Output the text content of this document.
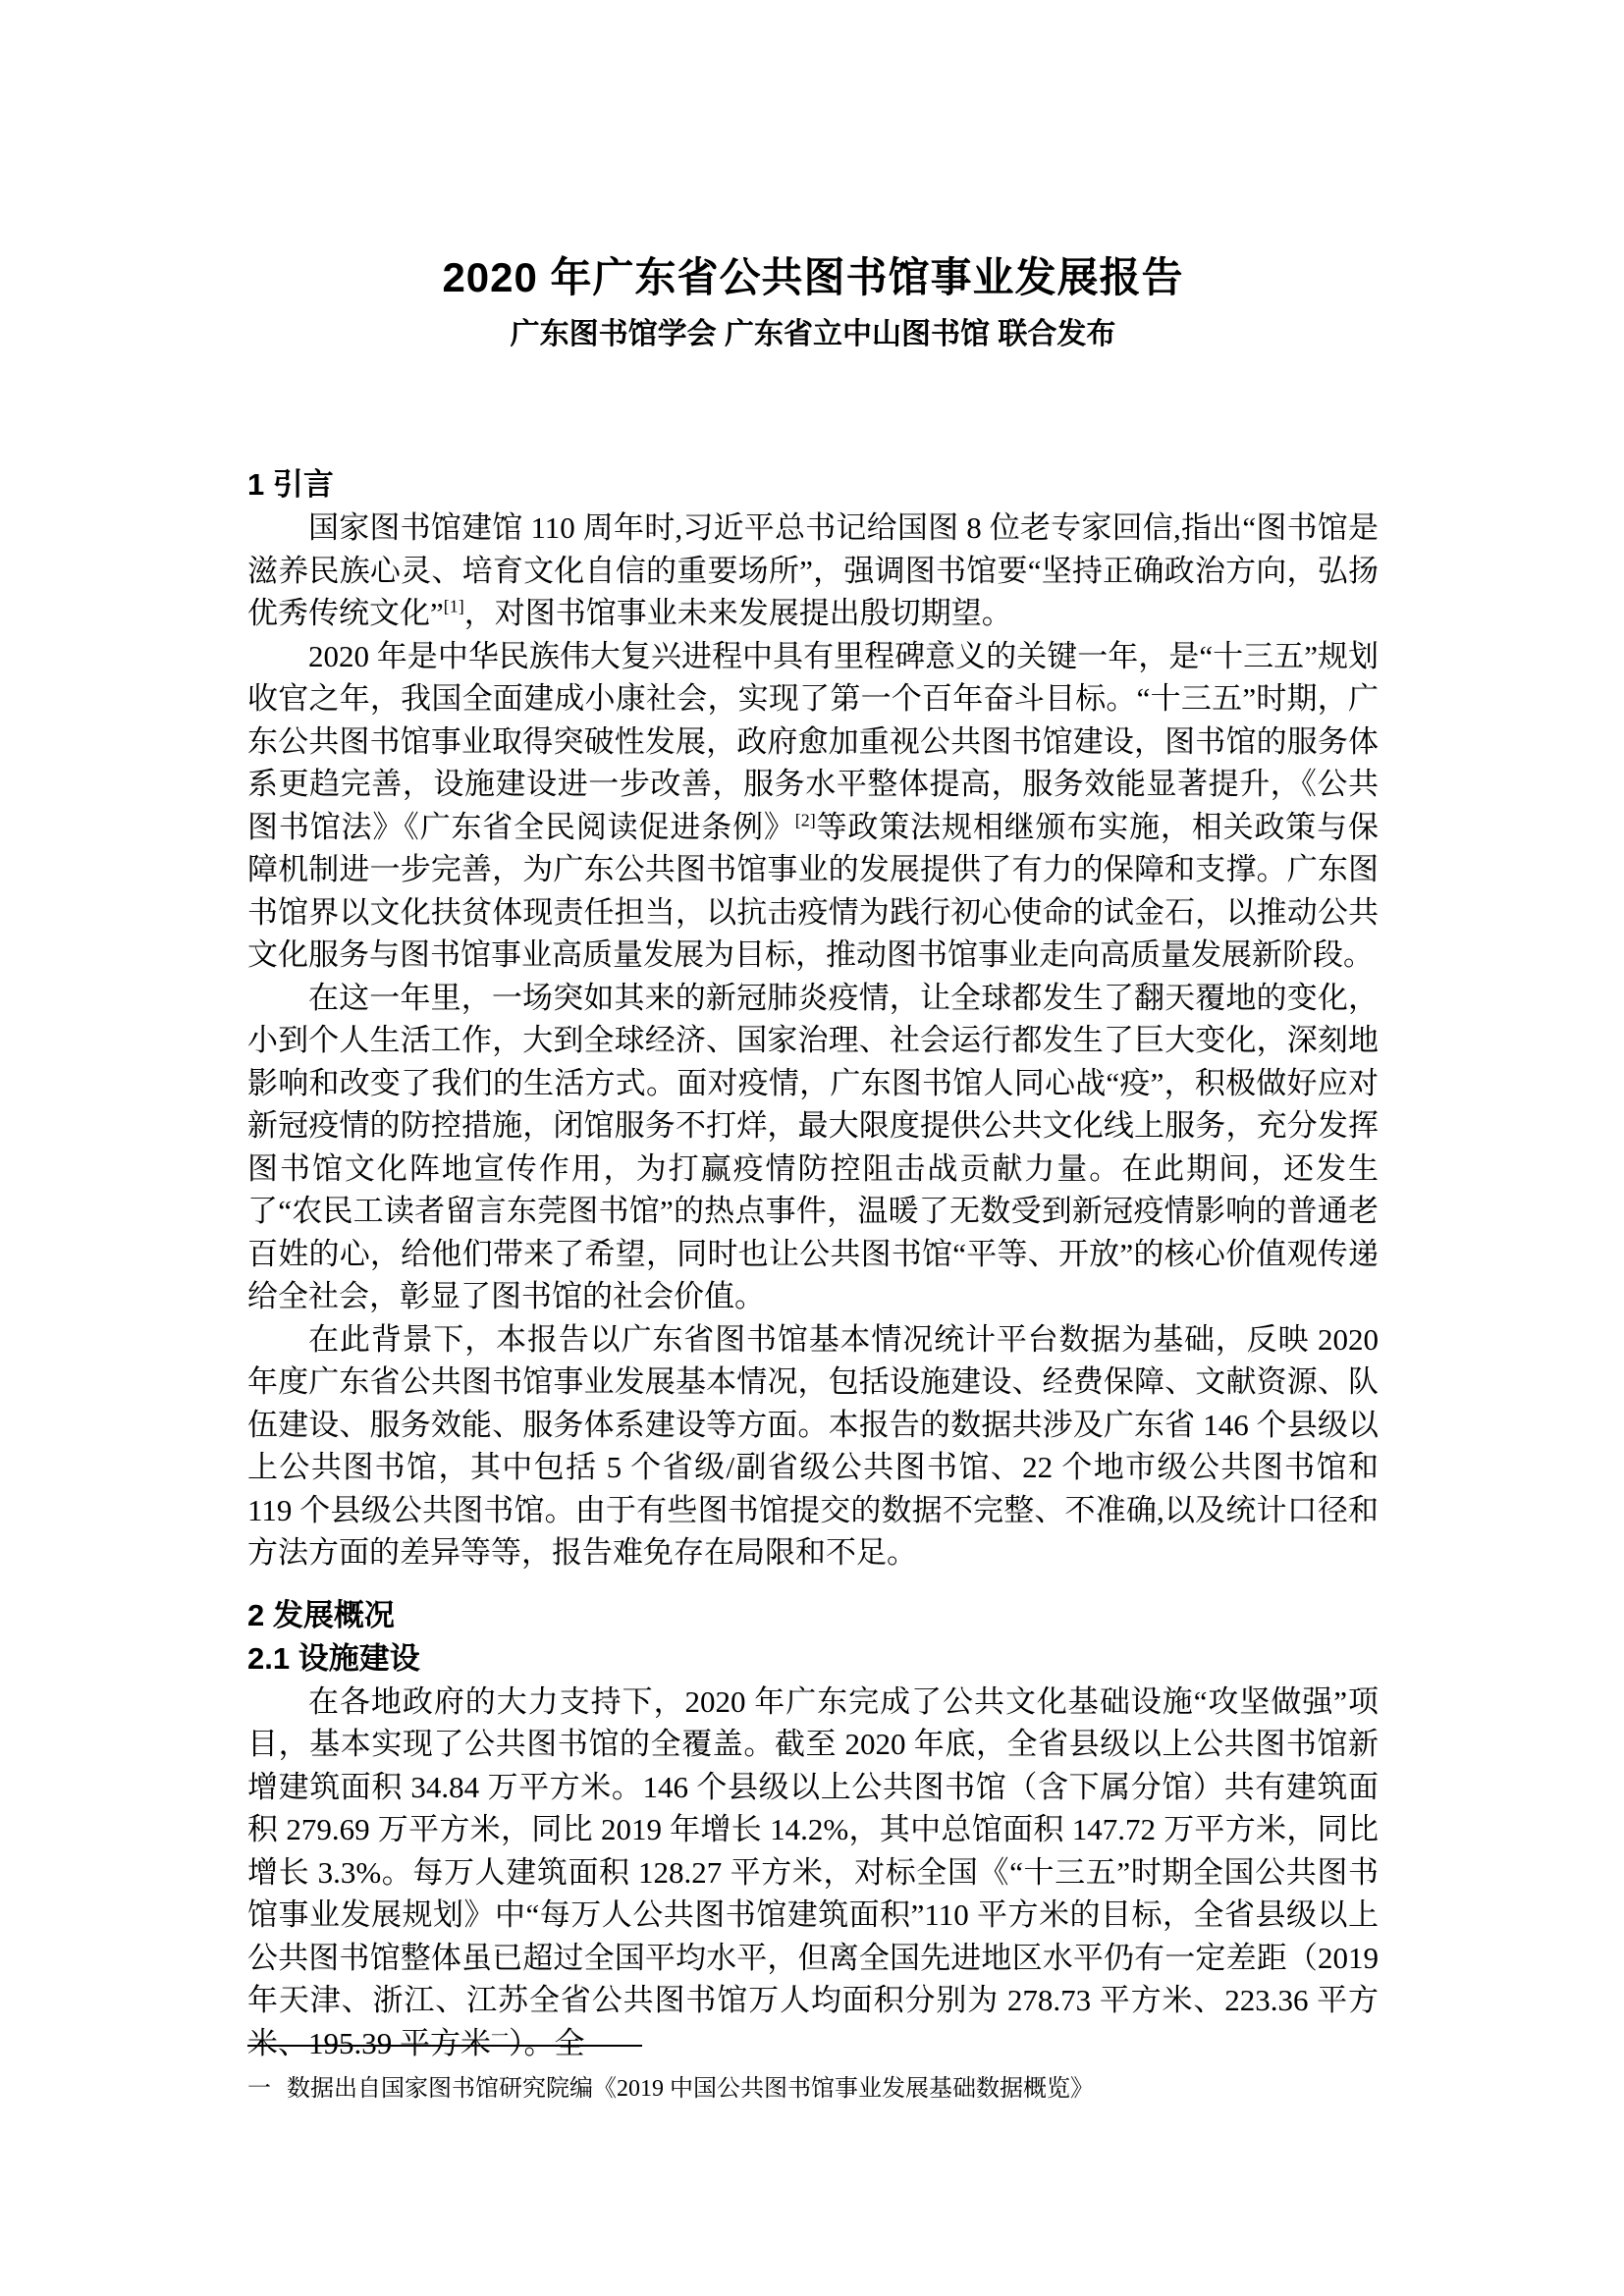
2020 年广东省公共图书馆事业发展报告
广东图书馆学会 广东省立中山图书馆 联合发布
1 引言

国家图书馆建馆 110 周年时,习近平总书记给国图 8 位老专家回信,指出“图书馆是滋养民族心灵、培育文化自信的重要场所”，强调图书馆要“坚持正确政治方向，弘扬优秀传统文化”[1]，对图书馆事业未来发展提出殷切期望。

2020 年是中华民族伟大复兴进程中具有里程碑意义的关键一年，是“十三五”规划收官之年，我国全面建成小康社会，实现了第一个百年奋斗目标。“十三五”时期，广东公共图书馆事业取得突破性发展，政府愈加重视公共图书馆建设，图书馆的服务体系更趋完善，设施建设进一步改善，服务水平整体提高，服务效能显著提升，《公共图书馆法》《广东省全民阅读促进条例》[2]等政策法规相继颁布实施，相关政策与保障机制进一步完善，为广东公共图书馆事业的发展提供了有力的保障和支撑。广东图书馆界以文化扶贫体现责任担当，以抗击疫情为践行初心使命的试金石，以推动公共文化服务与图书馆事业高质量发展为目标，推动图书馆事业走向高质量发展新阶段。

在这一年里，一场突如其来的新冠肺炎疫情，让全球都发生了翻天覆地的变化，小到个人生活工作，大到全球经济、国家治理、社会运行都发生了巨大变化，深刻地影响和改变了我们的生活方式。面对疫情，广东图书馆人同心战“疫”，积极做好应对新冠疫情的防控措施，闭馆服务不打烊，最大限度提供公共文化线上服务，充分发挥图书馆文化阵地宣传作用，为打赢疫情防控阻击战贡献力量。在此期间，还发生了“农民工读者留言东莞图书馆”的热点事件，温暖了无数受到新冠疫情影响的普通老百姓的心，给他们带来了希望，同时也让公共图书馆“平等、开放”的核心价值观传递给全社会，彰显了图书馆的社会价值。

在此背景下，本报告以广东省图书馆基本情况统计平台数据为基础，反映 2020 年度广东省公共图书馆事业发展基本情况，包括设施建设、经费保障、文献资源、队伍建设、服务效能、服务体系建设等方面。本报告的数据共涉及广东省 146 个县级以上公共图书馆，其中包括 5 个省级/副省级公共图书馆、22 个地市级公共图书馆和 119 个县级公共图书馆。由于有些图书馆提交的数据不完整、不准确,以及统计口径和方法方面的差异等等，报告难免存在局限和不足。

2 发展概况
2.1 设施建设

在各地政府的大力支持下，2020 年广东完成了公共文化基础设施“攻坚做强”项目，基本实现了公共图书馆的全覆盖。截至 2020 年底，全省县级以上公共图书馆新增建筑面积 34.84 万平方米。146 个县级以上公共图书馆（含下属分馆）共有建筑面积 279.69 万平方米，同比 2019 年增长 14.2%，其中总馆面积 147.72 万平方米，同比增长 3.3%。每万人建筑面积 128.27 平方米，对标全国《“十三五”时期全国公共图书馆事业发展规划》中“每万人公共图书馆建筑面积”110 平方米的目标，全省县级以上公共图书馆整体虽已超过全国平均水平，但离全国先进地区水平仍有一定差距（2019 年天津、浙江、江苏全省公共图书馆万人均面积分别为 278.73 平方米、223.36 平方米、195.39 平方米$^一$）。全

一 数据出自国家图书馆研究院编《2019 中国公共图书馆事业发展基础数据概览》
